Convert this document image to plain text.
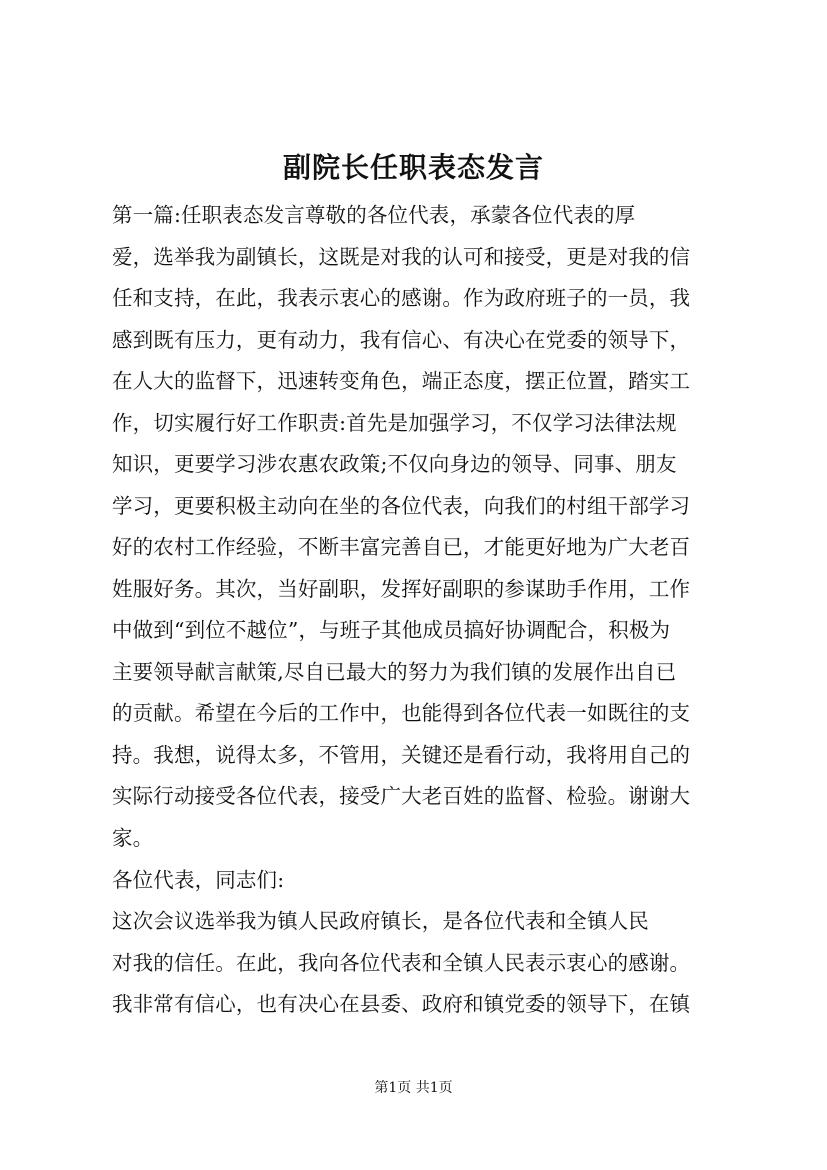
副院长任职表态发言
第一篇:任职表态发言尊敬的各位代表，承蒙各位代表的厚
爱，选举我为副镇长，这既是对我的认可和接受，更是对我的信
任和支持，在此，我表示衷心的感谢。作为政府班子的一员，我
感到既有压力，更有动力，我有信心、有决心在党委的领导下，
在人大的监督下，迅速转变角色，端正态度，摆正位置，踏实工
作，切实履行好工作职责:首先是加强学习，不仅学习法律法规
知识，更要学习涉农惠农政策;不仅向身边的领导、同事、朋友
学习，更要积极主动向在坐的各位代表，向我们的村组干部学习
好的农村工作经验，不断丰富完善自已，才能更好地为广大老百
姓服好务。其次，当好副职，发挥好副职的参谋助手作用，工作
中做到“到位不越位”，与班子其他成员搞好协调配合，积极为
主要领导献言献策,尽自已最大的努力为我们镇的发展作出自已
的贡献。希望在今后的工作中，也能得到各位代表一如既往的支
持。我想，说得太多，不管用，关键还是看行动，我将用自己的
实际行动接受各位代表，接受广大老百姓的监督、检验。谢谢大
家。
各位代表，同志们:
这次会议选举我为镇人民政府镇长，是各位代表和全镇人民
对我的信任。在此，我向各位代表和全镇人民表示衷心的感谢。
我非常有信心，也有决心在县委、政府和镇党委的领导下，在镇
第1页 共1页
